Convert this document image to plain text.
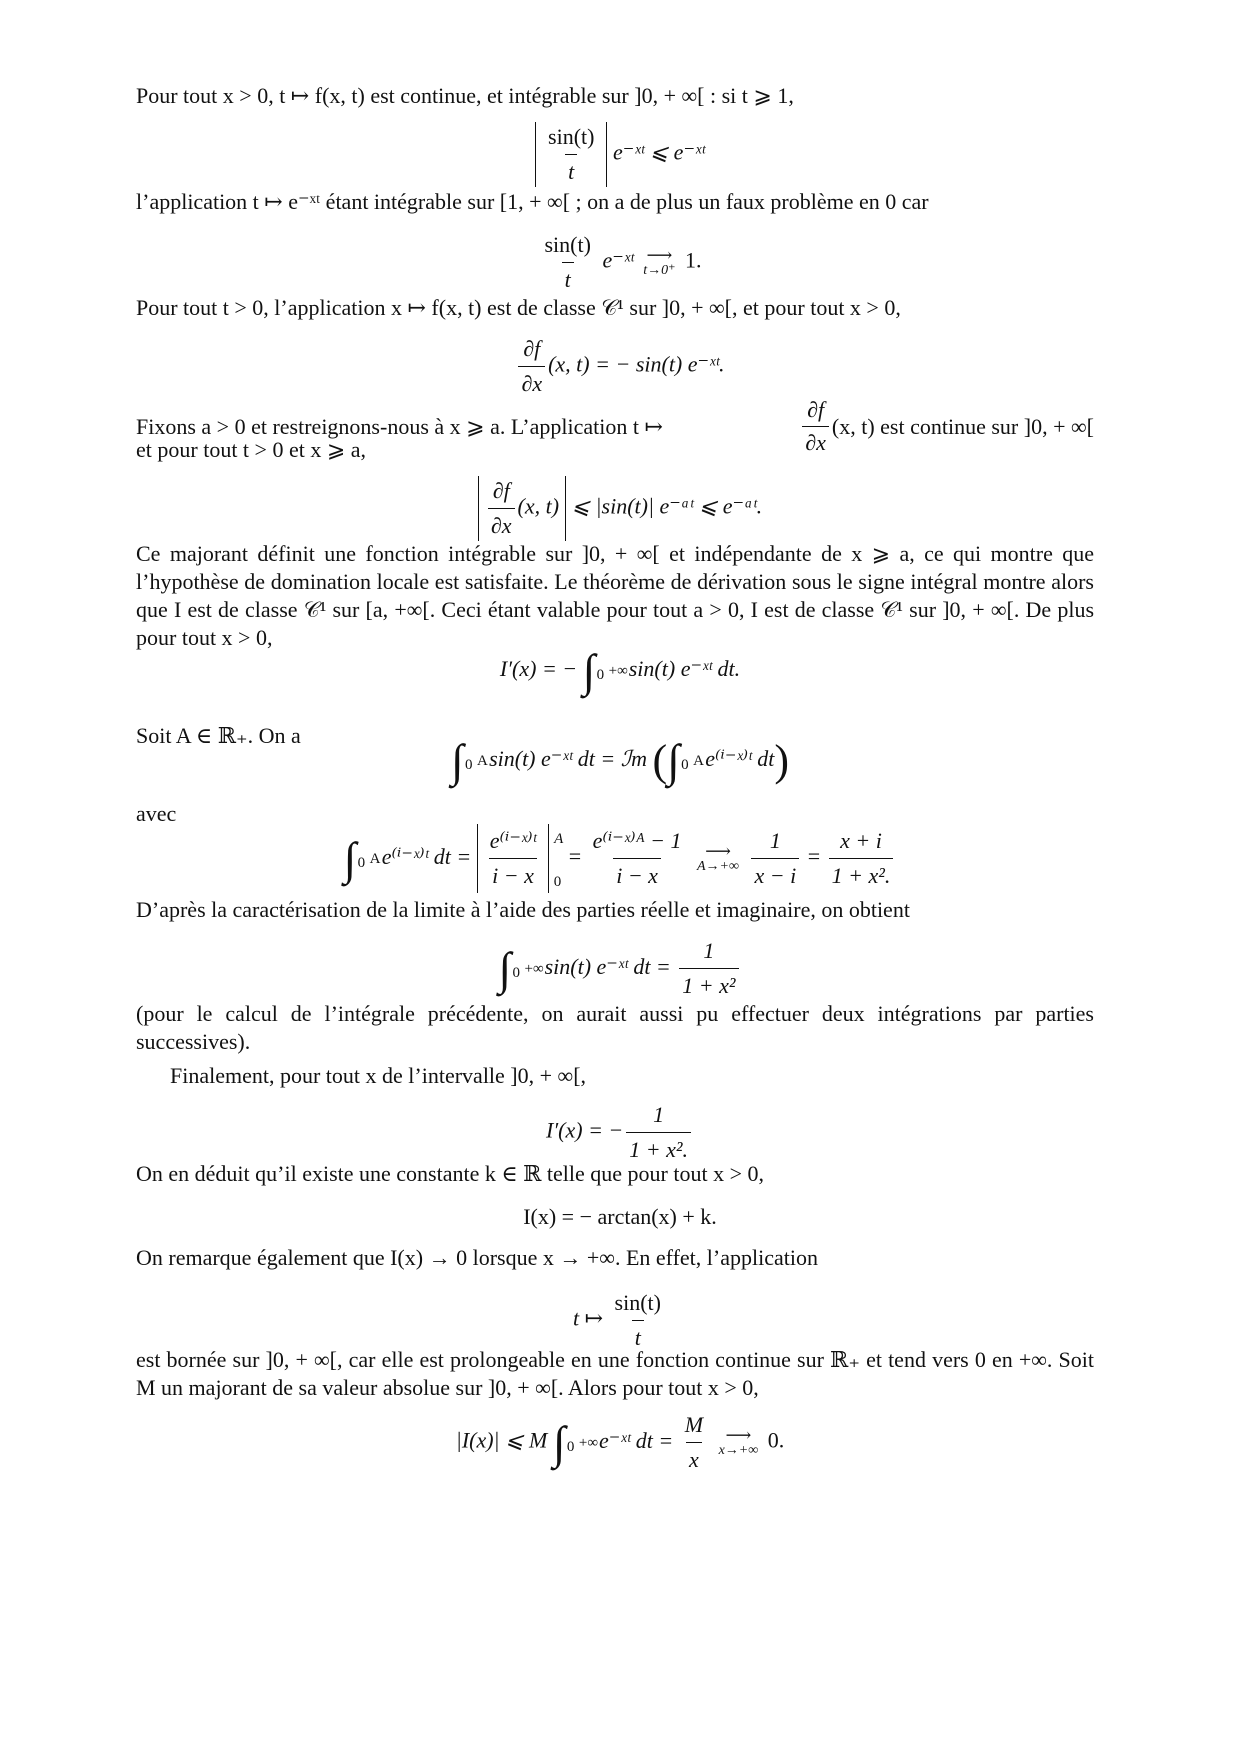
Pour tout x > 0, t ↦ f(x, t) est continue, et intégrable sur ]0, + ∞[ : si t ⩾ 1,
$\frac{\sin(t)}{t}$ e⁻ˣᵗ ⩽ e⁻ˣᵗ
l’application t ↦ e⁻ˣᵗ étant intégrable sur [1, + ∞[ ; on a de plus un faux problème en 0 car
$\frac{\sin(t)}{t}$ e⁻ˣᵗ ⟶
t→0⁺ 1.
Pour tout t > 0, l’application x ↦ f(x, t) est de classe 𝒞¹ sur ]0, + ∞[, et pour tout x > 0,
$\frac{\partial f}{\partial x} (x$, t) = − sin(t) e⁻ˣᵗ.
Fixons a > 0 et restreignons-nous à x ⩾ a. L’application t ↦	$\frac{\partial f}{\partial x} (x$, t) est continue sur ]0, + ∞[
et pour tout t > 0 et x ⩾ a,
$\frac{\partial f}{\partial x} (x$, t) ⩽ |sin(t)| e⁻ᵃᵗ ⩽ e⁻ᵃᵗ.
Ce majorant définit une fonction intégrable sur ]0, + ∞[ et indépendante de x ⩾ a, ce qui montre que l’hypothèse de domination locale est satisfaite. Le théorème de dérivation sous le signe intégral montre alors que I est de classe 𝒞¹ sur [a, +∞[. Ceci étant valable pour tout a > 0, I est de classe 𝒞¹ sur ]0, + ∞[. De plus pour tout x > 0,
I′(x) = − ∫ +∞
0 sin(t) e⁻ˣᵗ dt.
Soit A ∈ ℝ₊. On a	∫ A
0 sin(t) e⁻ˣᵗ dt = ℐm (∫ A
0 e⁽ⁱ⁻ˣ⁾ᵗ dt)
avec
∫ A
0 e⁽ⁱ⁻ˣ⁾ᵗ dt = $\frac{\text{e⁽ⁱ⁻ˣ⁾ᵗ}}{i - x}$ A
0
= $\frac{\text{e⁽ⁱ⁻ˣ⁾ᴬ − 1}}{i - x}$
⟶
A→+∞
$\frac{1}{x - i} = \frac{x + i}{\text{1 + x².}}$
D’après la caractérisation de la limite à l’aide des parties réelle et imaginaire, on obtient
∫ +∞
0 sin(t) e⁻ˣᵗ dt = $\frac{1}{\text{1 + x²}}$
(pour le calcul de l’intégrale précédente, on aurait aussi pu effectuer deux intégrations par parties successives).
Finalement, pour tout x de l’intervalle ]0, + ∞[,
I′(x) = − $\frac{1}{\text{1 + x².}}$
On en déduit qu’il existe une constante k ∈ ℝ telle que pour tout x > 0,
I(x) = − arctan(x) + k.
On remarque également que I(x) → 0 lorsque x → +∞. En effet, l’application
t ↦ $\frac{\sin(t)}{t}$
est bornée sur ]0, + ∞[, car elle est prolongeable en une fonction continue sur ℝ₊ et tend vers 0 en +∞. Soit M un majorant de sa valeur absolue sur ]0, + ∞[. Alors pour tout x > 0,
|I(x)| ⩽ M ∫ +∞
0 e⁻ˣᵗ dt = $\frac{M}{x}$
⟶
x→+∞ 0.
